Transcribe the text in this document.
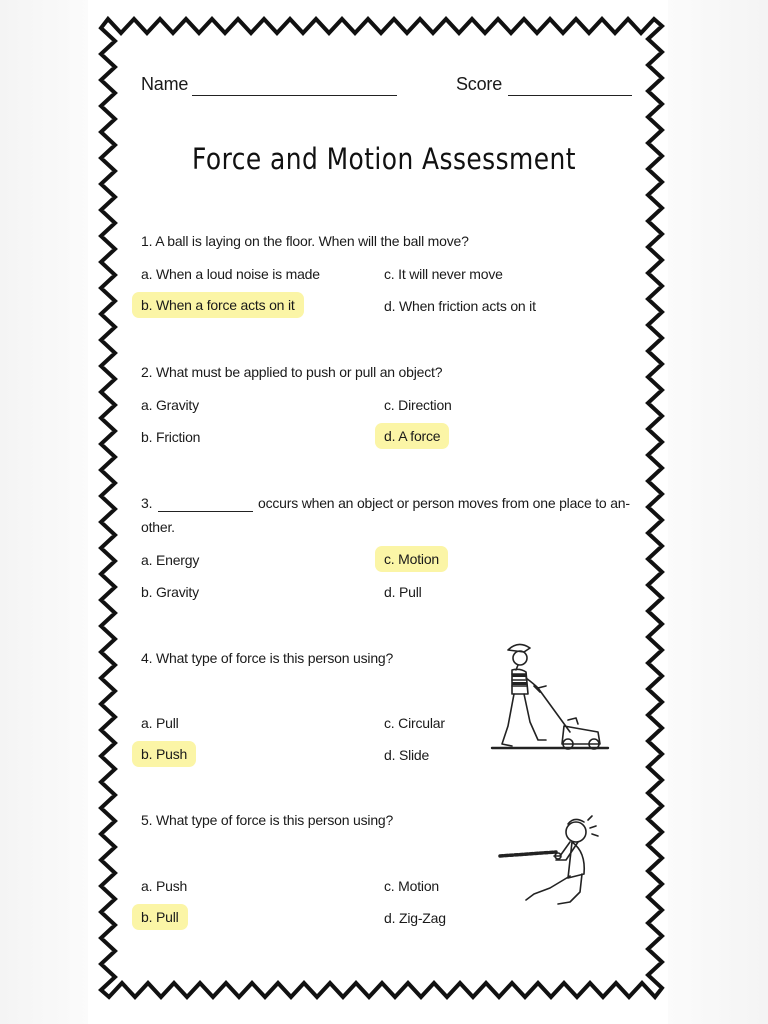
Name	Score
Force and Motion Assessment
1. A ball is laying on the floor. When will the ball move?
a. When a loud noise is made
b. When a force acts on it
c. It will never move
d. When friction acts on it
2. What must be applied to push or pull an object?
a. Gravity
b. Friction
c. Direction
d. A force
3.	occurs when an object or person moves from one place to an-
other.
a. Energy
b. Gravity
c. Motion
d. Pull
4. What type of force is this person using?
a. Pull
b. Push
c. Circular
d. Slide
5. What type of force is this person using?
a. Push
b. Pull
c. Motion
d. Zig-Zag
